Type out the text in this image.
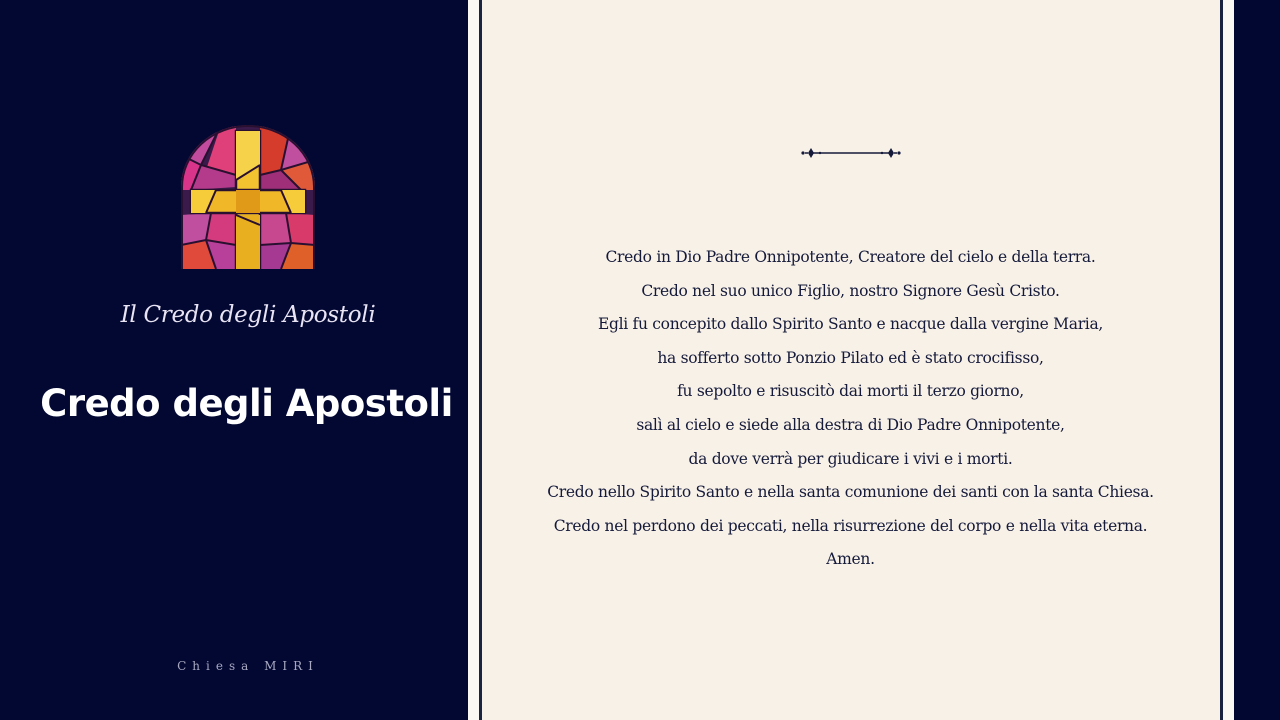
Il Credo degli Apostoli
Credo degli Apostoli
Chiesa MIRI
Credo in Dio Padre Onnipotente, Creatore del cielo e della terra.
Credo nel suo unico Figlio, nostro Signore Gesù Cristo.
Egli fu concepito dallo Spirito Santo e nacque dalla vergine Maria,
ha sofferto sotto Ponzio Pilato ed è stato crocifisso,
fu sepolto e risuscitò dai morti il terzo giorno,
salì al cielo e siede alla destra di Dio Padre Onnipotente,
da dove verrà per giudicare i vivi e i morti.
Credo nello Spirito Santo e nella santa comunione dei santi con la santa Chiesa.
Credo nel perdono dei peccati, nella risurrezione del corpo e nella vita eterna.
Amen.
